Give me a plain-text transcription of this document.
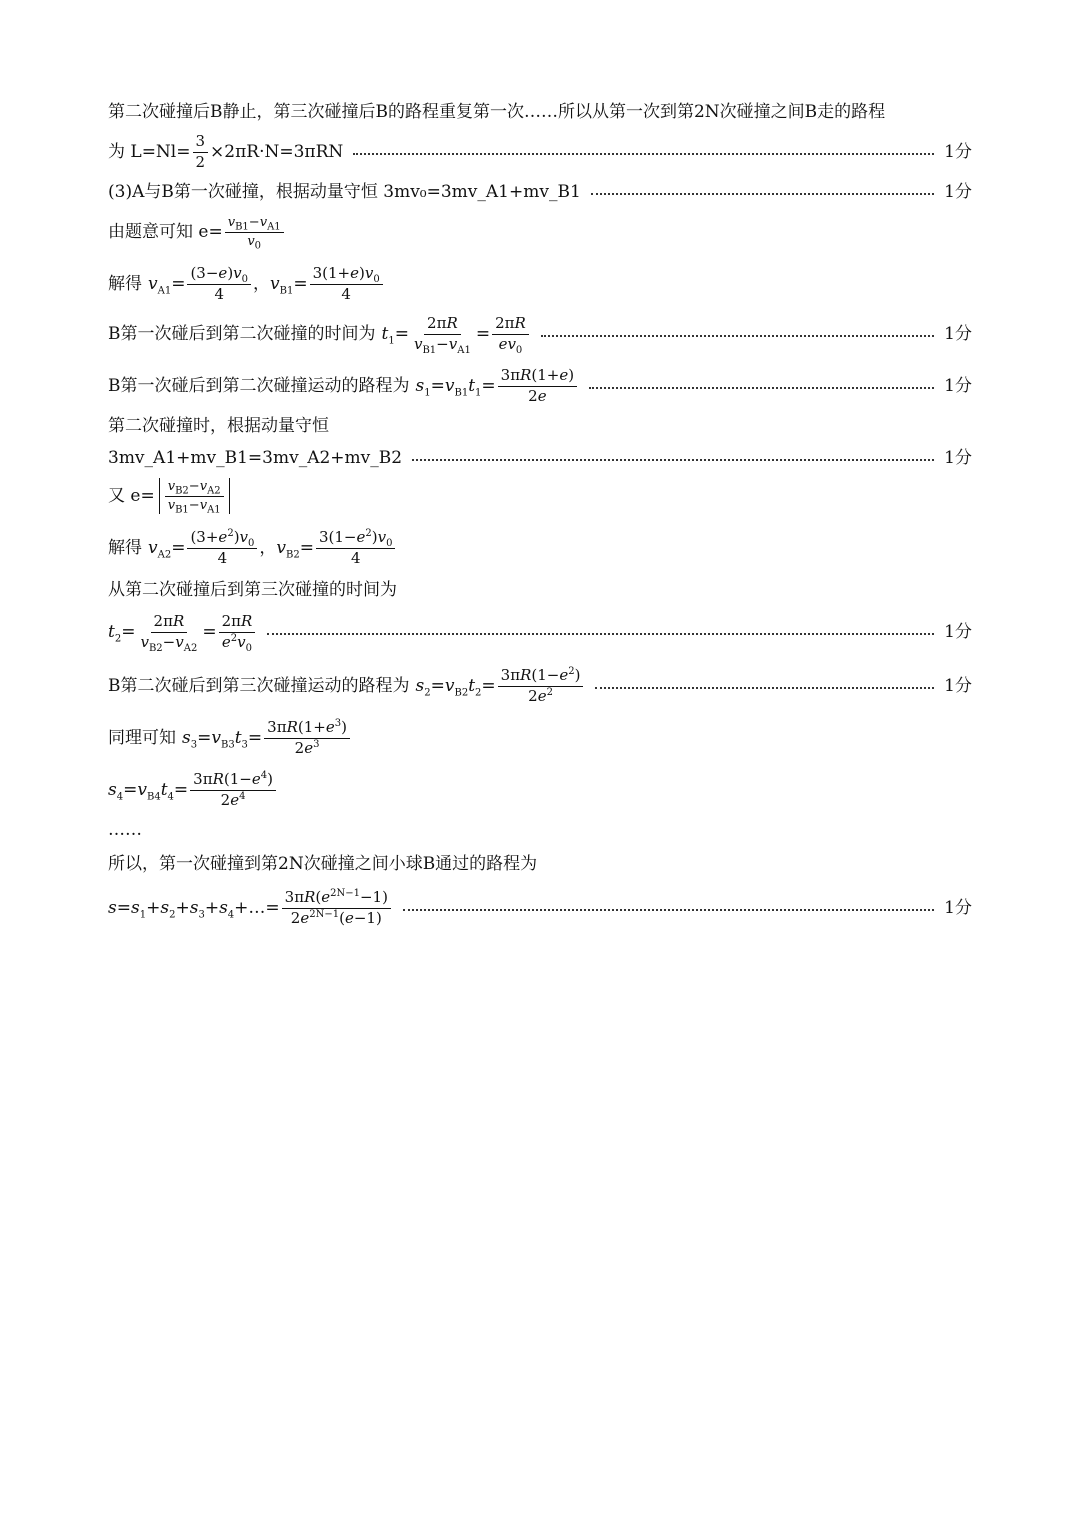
第二次碰撞后B静止，第三次碰撞后B的路程重复第一次……所以从第一次到第2N次碰撞之间B走的路程
为 $L=Nl= \frac{3}{2} \times 2\pi R\cdot N=3\pi RN$	1分
(3)A与B第一次碰撞，根据动量守恒 3mv₀=3mv_A1+mv_B1	1分
由题意可知 $e= \frac{v_{B1}-v_{A1}}{v_0}$
解得 $v_{A1}= \frac{(3-e)v_0}{4}$ ，$v_{B1}= \frac{3(1+e)v_0}{4}$
B第一次碰后到第二次碰撞的时间为 $t_1= \frac{2\pi R}{v_{B1}-v_{A1}} = \frac{2\pi R}{ev_0}$	1分
B第一次碰后到第二次碰撞运动的路程为 $s_1=v_{B1}t_1= \frac{3\pi R(1+e)}{2e}$	1分
第二次碰撞时，根据动量守恒
3mv_A1+mv_B1=3mv_A2+mv_B2	1分
又 $e= \frac{v_{B2}-v_{A2}}{v_{B1}-v_{A1}}$
解得 $v_{A2}= \frac{(3+e^2)v_0}{4}$ ，$v_{B2}= \frac{3(1-e^2)v_0}{4}$
从第二次碰撞后到第三次碰撞的时间为
$t_2= \frac{2\pi R}{v_{B2}-v_{A2}} = \frac{2\pi R}{e^2v_0}$	1分
B第二次碰后到第三次碰撞运动的路程为 $s_2=v_{B2}t_2= \frac{3\pi R(1-e^2)}{2e^2}$	1分
同理可知 $s_3=v_{B3}t_3= \frac{3\pi R(1+e^3)}{2e^3}$
$s_4=v_{B4}t_4= \frac{3\pi R(1-e^4)}{2e^4}$
……
所以，第一次碰撞到第2N次碰撞之间小球B通过的路程为
$s=s_1+s_2+s_3+s_4+\dots= \frac{3\pi R(e^{2N-1}-1)}{2e^{2N-1}(e-1)}$	1分
